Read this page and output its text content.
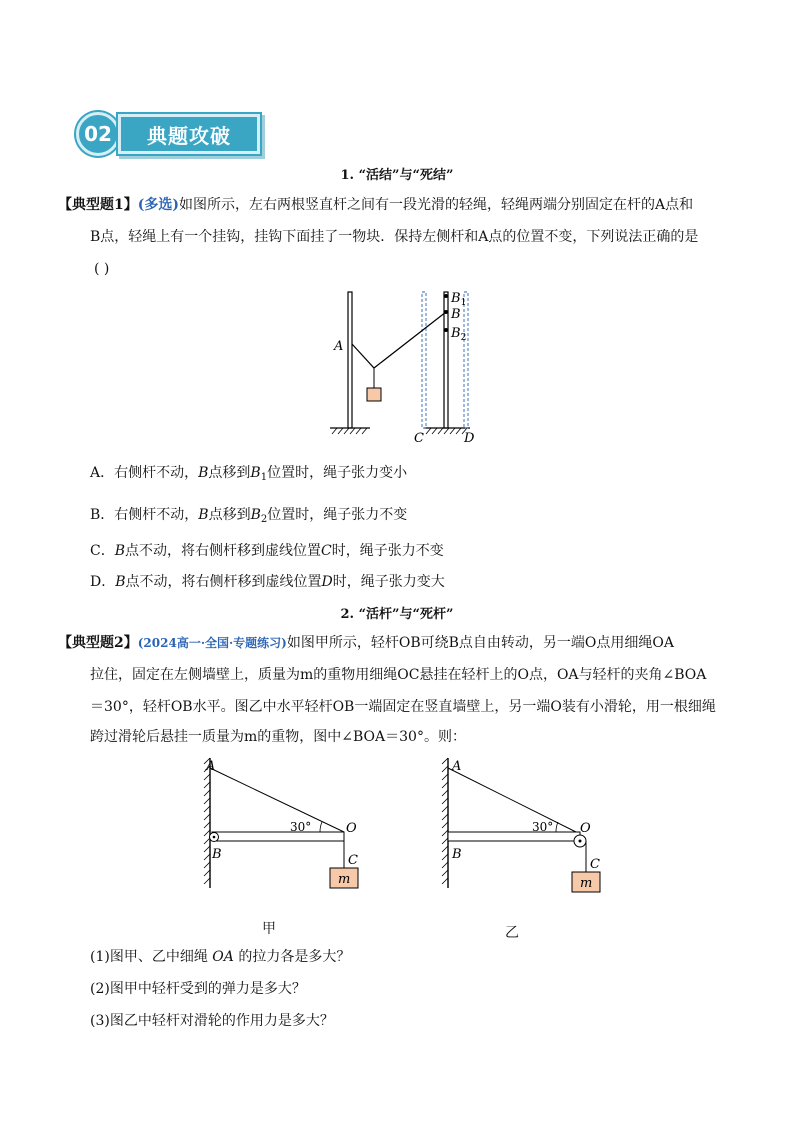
02	典题攻破
1. “活结”与“死结”
【典型题1】(多选)如图所示，左右两根竖直杆之间有一段光滑的轻绳，轻绳两端分别固定在杆的A点和
B点，轻绳上有一个挂钩，挂钩下面挂了一物块．保持左侧杆和A点的位置不变，下列说法正确的是
( )
A
$B_1$
B
$B_2$
C	D
A．右侧杆不动，B点移到$B_1$位置时，绳子张力变小
B．右侧杆不动，B点移到$B_2$位置时，绳子张力不变
C．B点不动，将右侧杆移到虚线位置C时，绳子张力不变
D．B点不动，将右侧杆移到虚线位置D时，绳子张力变大
2. “活杆”与“死杆”
【典型题2】(2024高一·全国·专题练习)如图甲所示，轻杆OB可绕B点自由转动，另一端O点用细绳OA
拉住，固定在左侧墙壁上，质量为m的重物用细绳OC悬挂在轻杆上的O点，OA与轻杆的夹角∠BOA
＝30°，轻杆OB水平。图乙中水平轻杆OB一端固定在竖直墙壁上，另一端O装有小滑轮，用一根细绳
跨过滑轮后悬挂一质量为m的重物，图中∠BOA＝30°。则：
A
B
O
C
m
30°
A
B
O
C
m
30°
甲	乙
(1)图甲、乙中细绳 OA 的拉力各是多大？
(2)图甲中轻杆受到的弹力是多大？
(3)图乙中轻杆对滑轮的作用力是多大？
